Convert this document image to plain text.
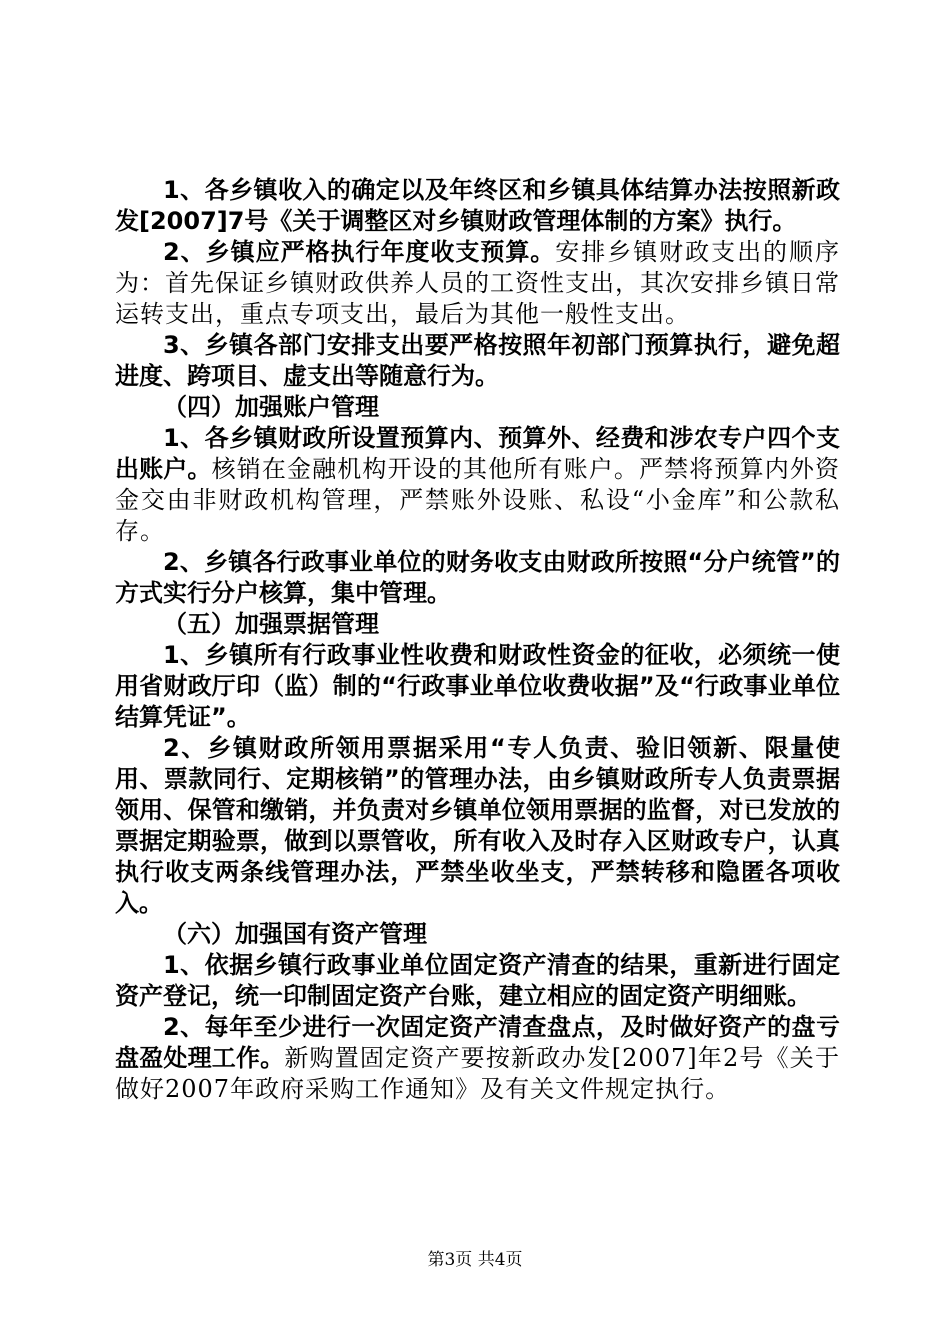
1、各乡镇收入的确定以及年终区和乡镇具体结算办法按照新政发[2007]7号《关于调整区对乡镇财政管理体制的方案》执行。

2、乡镇应严格执行年度收支预算。安排乡镇财政支出的顺序为：首先保证乡镇财政供养人员的工资性支出，其次安排乡镇日常运转支出，重点专项支出，最后为其他一般性支出。

3、乡镇各部门安排支出要严格按照年初部门预算执行，避免超进度、跨项目、虚支出等随意行为。

（四）加强账户管理

1、各乡镇财政所设置预算内、预算外、经费和涉农专户四个支出账户。核销在金融机构开设的其他所有账户。严禁将预算内外资金交由非财政机构管理，严禁账外设账、私设“小金库”和公款私存。

2、乡镇各行政事业单位的财务收支由财政所按照“分户统管”的方式实行分户核算，集中管理。

（五）加强票据管理

1、乡镇所有行政事业性收费和财政性资金的征收，必须统一使用省财政厅印（监）制的“行政事业单位收费收据”及“行政事业单位结算凭证”。

2、乡镇财政所领用票据采用“专人负责、验旧领新、限量使用、票款同行、定期核销”的管理办法，由乡镇财政所专人负责票据领用、保管和缴销，并负责对乡镇单位领用票据的监督，对已发放的票据定期验票，做到以票管收，所有收入及时存入区财政专户，认真执行收支两条线管理办法，严禁坐收坐支，严禁转移和隐匿各项收入。

（六）加强国有资产管理

1、依据乡镇行政事业单位固定资产清查的结果，重新进行固定资产登记，统一印制固定资产台账，建立相应的固定资产明细账。

2、每年至少进行一次固定资产清查盘点，及时做好资产的盘亏盘盈处理工作。新购置固定资产要按新政办发[2007]年2号《关于做好2007年政府采购工作通知》及有关文件规定执行。

第3页 共4页
